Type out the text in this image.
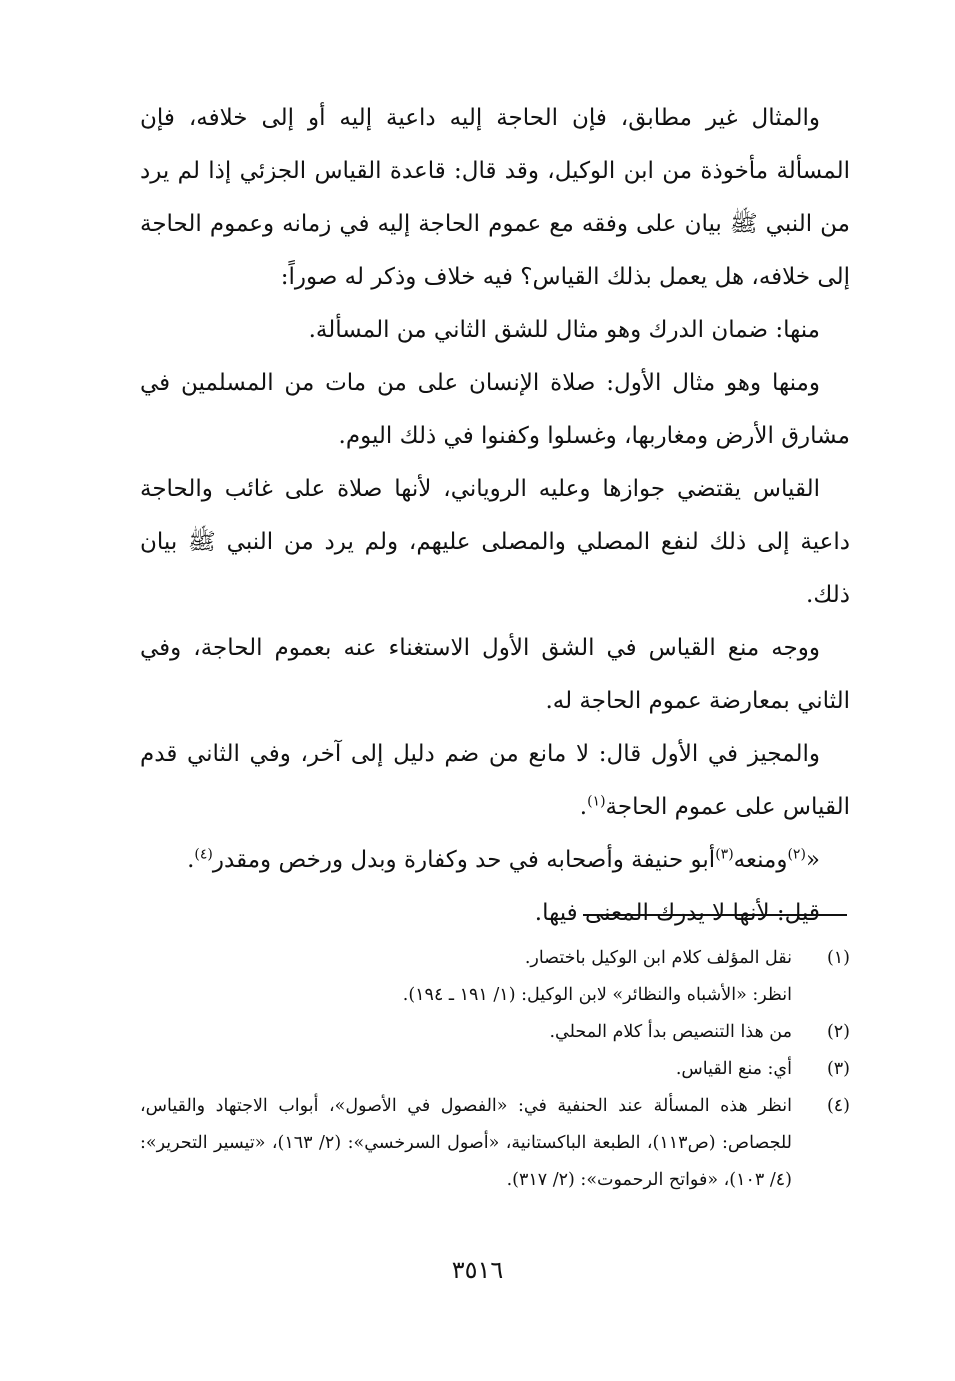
والمثال غير مطابق، فإن الحاجة إليه داعية إليه أو إلى خلافه، فإن المسألة مأخوذة من ابن الوكيل، وقد قال: قاعدة القياس الجزئي إذا لم يرد من النبي ﷺ بيان على وفقه مع عموم الحاجة إليه في زمانه وعموم الحاجة إلى خلافه، هل يعمل بذلك القياس؟ فيه خلاف وذكر له صوراً:

منها: ضمان الدرك وهو مثال للشق الثاني من المسألة.

ومنها وهو مثال الأول: صلاة الإنسان على من مات من المسلمين في مشارق الأرض ومغاربها، وغسلوا وكفنوا في ذلك اليوم.

القياس يقتضي جوازها وعليه الروياني، لأنها صلاة على غائب والحاجة داعية إلى ذلك لنفع المصلي والمصلى عليهم، ولم يرد من النبي ﷺ بيان ذلك.

ووجه منع القياس في الشق الأول الاستغناء عنه بعموم الحاجة، وفي الثاني بمعارضة عموم الحاجة له.

والمجيز في الأول قال: لا مانع من ضم دليل إلى آخر، وفي الثاني قدم القياس على عموم الحاجة$^{(١)}$.

«$^{(٢)}$ومنعه$^{(٣)}$أبو حنيفة وأصحابه في حد وكفارة وبدل ورخص ومقدر$^{(٤)}$.

قيل: لأنها لا يدرك المعنى فيها.

(١)
نقل المؤلف كلام ابن الوكيل باختصار.
انظر: «الأشباه والنظائر» لابن الوكيل: (١/ ١٩١ ـ ١٩٤).
(٢)
من هذا التنصيص بدأ كلام المحلي.
(٣)
أي: منع القياس.
(٤)
انظر هذه المسألة عند الحنفية في: «الفصول في الأصول»، أبواب الاجتهاد والقياس، للجصاص: (ص١١٣)، الطبعة الباكستانية، «أصول السرخسي»: (٢/ ١٦٣)، «تيسير التحرير»: (٤/ ١٠٣)، «فواتح الرحموت»: (٢/ ٣١٧).
٣٥١٦
